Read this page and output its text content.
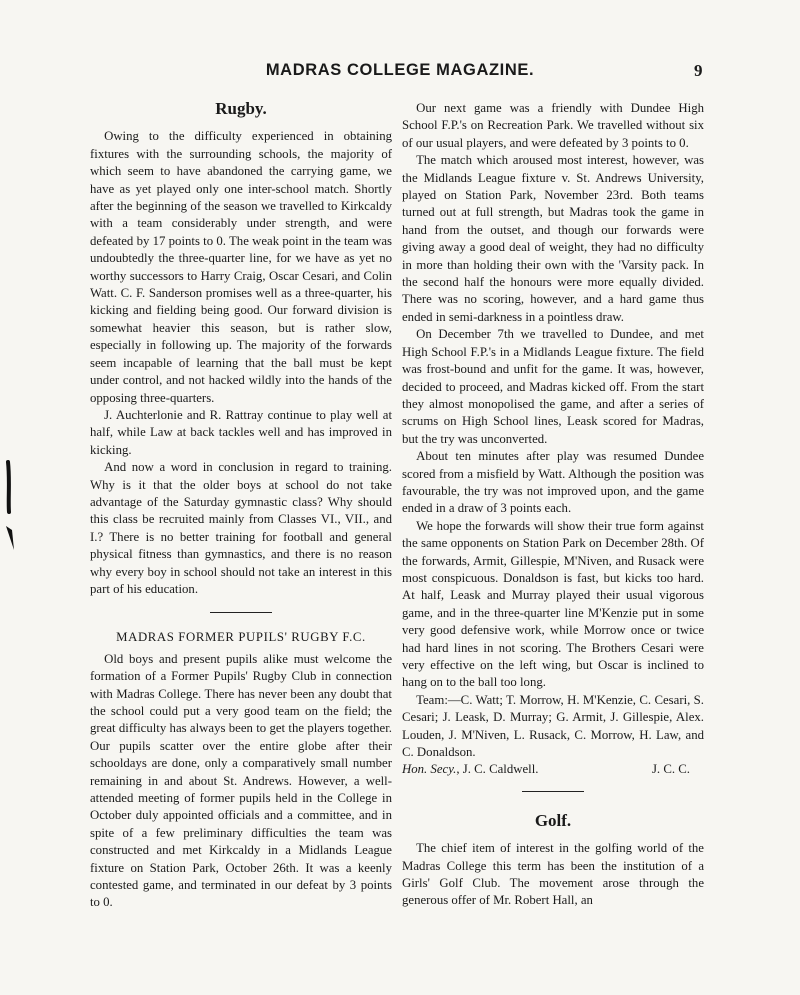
MADRAS COLLEGE MAGAZINE.	9
Rugby.

Owing to the difficulty experienced in obtaining fixtures with the surrounding schools, the majority of which seem to have abandoned the carrying game, we have as yet played only one inter-school match. Shortly after the beginning of the season we travelled to Kirkcaldy with a team considerably under strength, and were defeated by 17 points to 0. The weak point in the team was undoubtedly the three-quarter line, for we have as yet no worthy successors to Harry Craig, Oscar Cesari, and Colin Watt. C. F. Sanderson promises well as a three-quarter, his kicking and fielding being good. Our forward division is somewhat heavier this season, but is rather slow, especially in following up. The majority of the forwards seem incapable of learning that the ball must be kept under control, and not hacked wildly into the hands of the opposing three-quarters.

J. Auchterlonie and R. Rattray continue to play well at half, while Law at back tackles well and has improved in kicking.

And now a word in conclusion in regard to training. Why is it that the older boys at school do not take advantage of the Saturday gymnastic class? Why should this class be recruited mainly from Classes VI., VII., and I.? There is no better training for football and general physical fitness than gymnastics, and there is no reason why every boy in school should not take an interest in this part of his education.

MADRAS FORMER PUPILS' RUGBY F.C.

Old boys and present pupils alike must welcome the formation of a Former Pupils' Rugby Club in connection with Madras College. There has never been any doubt that the school could put a very good team on the field; the great difficulty has always been to get the players together. Our pupils scatter over the entire globe after their schooldays are done, only a comparatively small number remaining in and about St. Andrews. However, a well-attended meeting of former pupils held in the College in October duly appointed officials and a committee, and in spite of a few preliminary difficulties the team was constructed and met Kirkcaldy in a Midlands League fixture on Station Park, October 26th. It was a keenly contested game, and terminated in our defeat by 3 points to 0.

Our next game was a friendly with Dundee High School F.P.'s on Recreation Park. We travelled without six of our usual players, and were defeated by 3 points to 0.

The match which aroused most interest, however, was the Midlands League fixture v. St. Andrews University, played on Station Park, November 23rd. Both teams turned out at full strength, but Madras took the game in hand from the outset, and though our forwards were giving away a good deal of weight, they had no difficulty in more than holding their own with the 'Varsity pack. In the second half the honours were more equally divided. There was no scoring, however, and a hard game thus ended in semi-darkness in a pointless draw.

On December 7th we travelled to Dundee, and met High School F.P.'s in a Midlands League fixture. The field was frost-bound and unfit for the game. It was, however, decided to proceed, and Madras kicked off. From the start they almost monopolised the game, and after a series of scrums on High School lines, Leask scored for Madras, but the try was unconverted.

About ten minutes after play was resumed Dundee scored from a misfield by Watt. Although the position was favourable, the try was not improved upon, and the game ended in a draw of 3 points each.

We hope the forwards will show their true form against the same opponents on Station Park on December 28th. Of the forwards, Armit, Gillespie, M'Niven, and Rusack were most conspicuous. Donaldson is fast, but kicks too hard. At half, Leask and Murray played their usual vigorous game, and in the three-quarter line M'Kenzie put in some very good defensive work, while Morrow once or twice had hard lines in not scoring. The Brothers Cesari were very effective on the left wing, but Oscar is inclined to hang on to the ball too long.

Team:—C. Watt; T. Morrow, H. M'Kenzie, C. Cesari, S. Cesari; J. Leask, D. Murray; G. Armit, J. Gillespie, Alex. Louden, J. M'Niven, L. Rusack, C. Morrow, H. Law, and C. Donaldson.

J. C. C.
Hon. Secy., J. C. Caldwell.

Golf.

The chief item of interest in the golfing world of the Madras College this term has been the institution of a Girls' Golf Club. The movement arose through the generous offer of Mr. Robert Hall, an
